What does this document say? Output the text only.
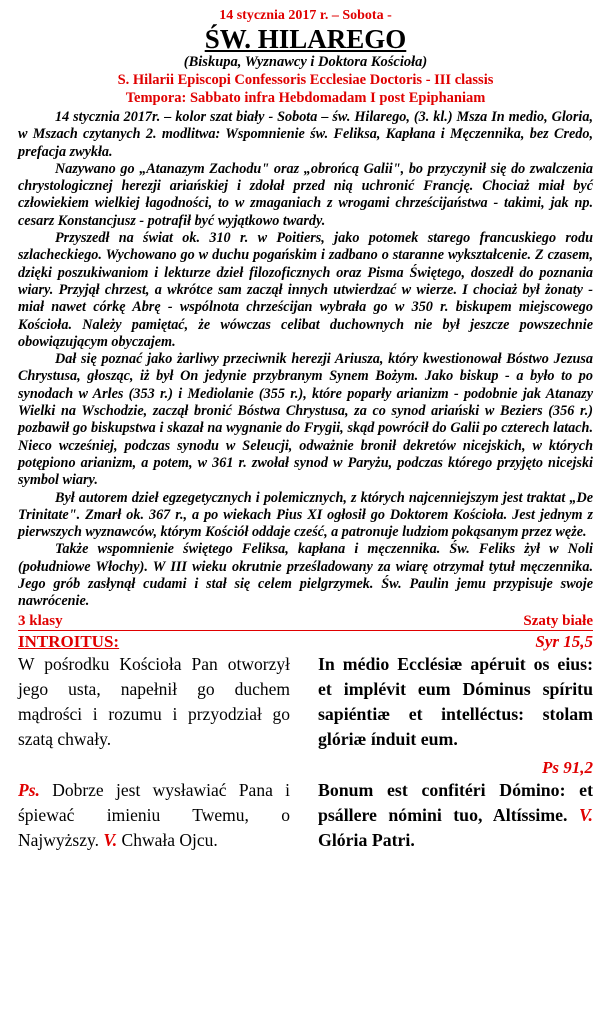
14 stycznia 2017 r. – Sobota -
ŚW. HILAREGO
(Biskupa, Wyznawcy i Doktora Kościoła)
S. Hilarii Episcopi Confessoris Ecclesiae Doctoris - III classis
Tempora: Sabbato infra Hebdomadam I post Epiphaniam

14 stycznia 2017r. – kolor szat biały - Sobota – św. Hilarego, (3. kl.) Msza In medio, Gloria, w Mszach czytanych 2. modlitwa: Wspomnienie św. Feliksa, Kapłana i Męczennika, bez Credo, prefacja zwykła.

Nazywano go „Atanazym Zachodu" oraz „obrońcą Galii", bo przyczynił się do zwalczenia chrystologicznej herezji ariańskiej i zdołał przed nią uchronić Francję. Chociaż miał być człowiekiem wielkiej łagodności, to w zmaganiach z wrogami chrześcijaństwa - takimi, jak np. cesarz Konstancjusz - potrafił być wyjątkowo twardy.

Przyszedł na świat ok. 310 r. w Poitiers, jako potomek starego francuskiego rodu szlacheckiego. Wychowano go w duchu pogańskim i zadbano o staranne wykształcenie. Z czasem, dzięki poszukiwaniom i lekturze dzieł filozoficznych oraz Pisma Świętego, doszedł do poznania wiary. Przyjął chrzest, a wkrótce sam zaczął innych utwierdzać w wierze. I chociaż był żonaty - miał nawet córkę Abrę - wspólnota chrześcijan wybrała go w 350 r. biskupem miejscowego Kościoła. Należy pamiętać, że wówczas celibat duchownych nie był jeszcze powszechnie obowiązującym obyczajem.

Dał się poznać jako żarliwy przeciwnik herezji Ariusza, który kwestionował Bóstwo Jezusa Chrystusa, głosząc, iż był On jedynie przybranym Synem Bożym. Jako biskup - a było to po synodach w Arles (353 r.) i Mediolanie (355 r.), które poparły arianizm - podobnie jak Atanazy Wielki na Wschodzie, zaczął bronić Bóstwa Chrystusa, za co synod ariański w Beziers (356 r.) pozbawił go biskupstwa i skazał na wygnanie do Frygii, skąd powrócił do Galii po czterech latach. Nieco wcześniej, podczas synodu w Seleucji, odważnie bronił dekretów nicejskich, w których potępiono arianizm, a potem, w 361 r. zwołał synod w Paryżu, podczas którego przyjęto nicejski symbol wiary.

Był autorem dzieł egzegetycznych i polemicznych, z których najcenniejszym jest traktat „De Trinitate". Zmarł ok. 367 r., a po wiekach Pius XI ogłosił go Doktorem Kościoła. Jest jednym z pierwszych wyznawców, którym Kościół oddaje cześć, a patronuje ludziom pokąsanym przez węże.

Także wspomnienie świętego Feliksa, kapłana i męczennika. Św. Feliks żył w Noli (południowe Włochy). W III wieku okrutnie prześladowany za wiarę otrzymał tytuł męczennika. Jego grób zasłynął cudami i stał się celem pielgrzymek. Św. Paulin jemu przypisuje swoje nawrócenie.

3 klasy	Szaty białe
INTROITUS:	Syr 15,5
W pośrodku Kościoła Pan otworzył jego usta, napełnił go duchem mądrości i rozumu i przyodział go szatą chwały.
In médio Ecclésiæ apéruit os eius: et implévit eum Dóminus spíritu sapiéntiæ et intelléctus: stolam glóriæ índuit eum.
Ps 91,2
Ps. Dobrze jest wysławiać Pana i śpiewać imieniu Twemu, o Najwyższy. V. Chwała Ojcu.
Bonum est confitéri Dómino: et psállere nómini tuo, Altíssime. V. Glória Patri.
